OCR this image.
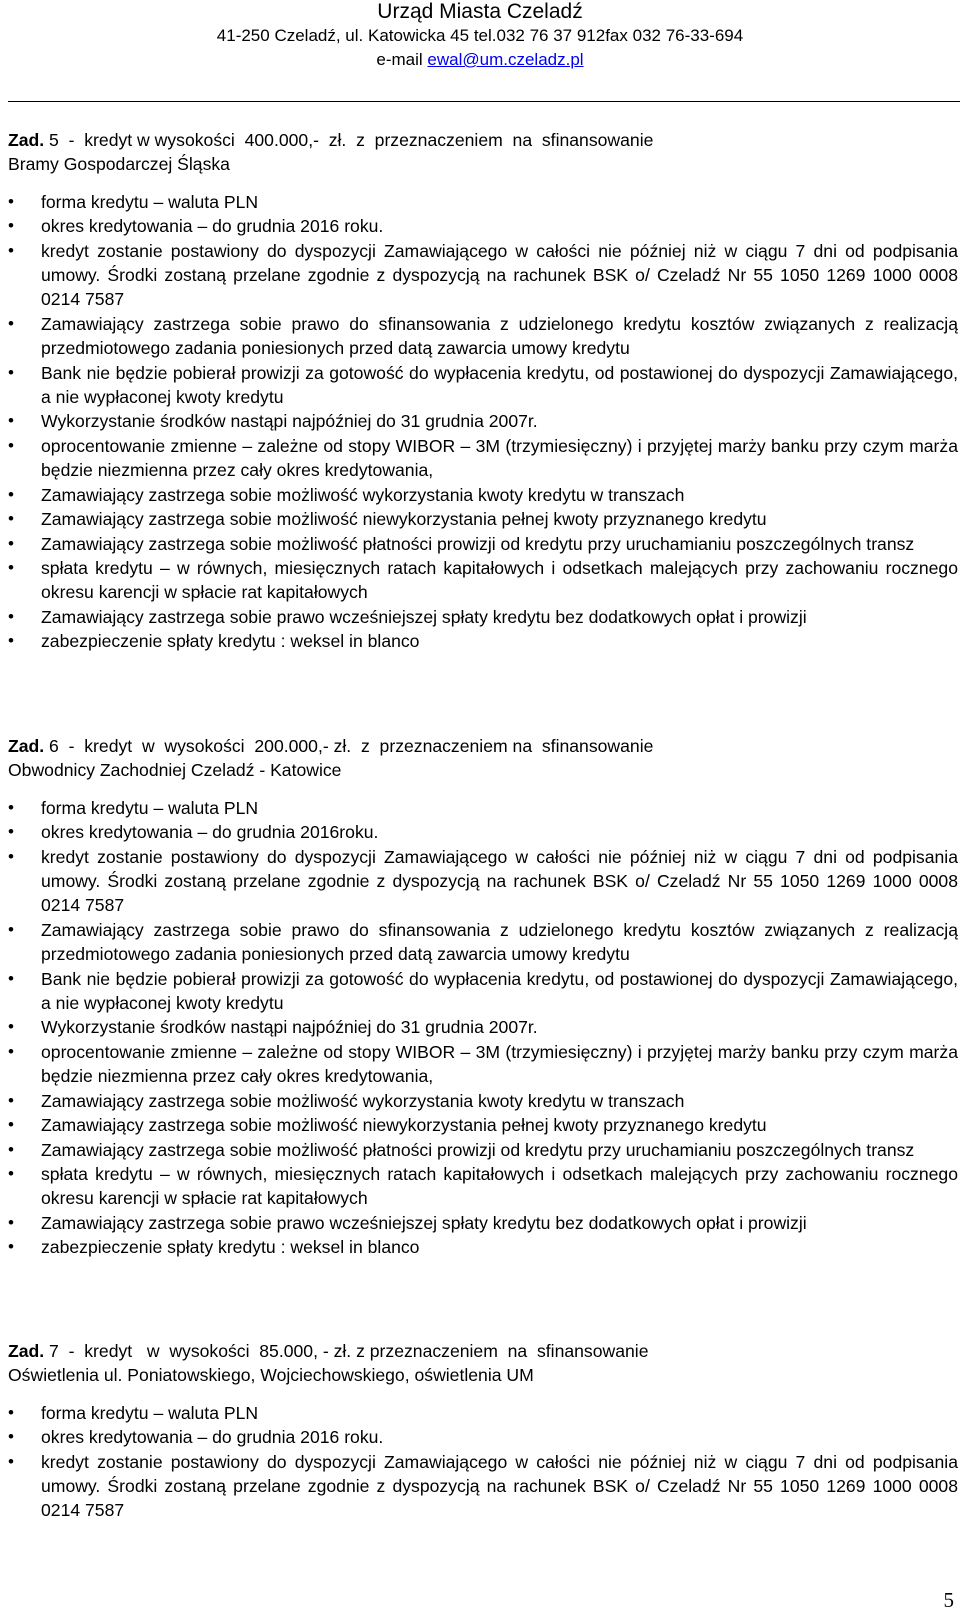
Urząd Miasta Czeladź
41-250 Czeladź, ul. Katowicka 45 tel.032 76 37 912fax 032 76-33-694
e-mail ewal@um.czeladz.pl

Zad. 5  -  kredyt w wysokości  400.000,-  zł.  z  przeznaczeniem  na  sfinansowanie
Bramy Gospodarczej Śląska

• forma kredytu – waluta PLN
• okres kredytowania – do grudnia 2016 roku.
• kredyt zostanie postawiony do dyspozycji Zamawiającego w całości nie później niż w ciągu 7 dni od podpisania umowy. Środki zostaną przelane zgodnie z dyspozycją na rachunek BSK o/ Czeladź Nr 55 1050 1269 1000 0008 0214 7587
• Zamawiający zastrzega sobie prawo do sfinansowania z udzielonego kredytu kosztów związanych z realizacją przedmiotowego zadania poniesionych przed datą zawarcia umowy kredytu
• Bank nie będzie pobierał prowizji za gotowość do wypłacenia kredytu, od postawionej do dyspozycji Zamawiającego, a nie wypłaconej kwoty kredytu
• Wykorzystanie środków nastąpi najpóźniej do 31 grudnia 2007r.
• oprocentowanie zmienne – zależne od stopy WIBOR – 3M (trzymiesięczny) i przyjętej marży banku przy czym marża będzie niezmienna przez cały okres kredytowania,
• Zamawiający zastrzega sobie możliwość wykorzystania kwoty kredytu w transzach
• Zamawiający zastrzega sobie możliwość niewykorzystania pełnej kwoty przyznanego kredytu
• Zamawiający zastrzega sobie możliwość płatności prowizji od kredytu przy uruchamianiu poszczególnych transz
• spłata kredytu – w równych, miesięcznych ratach kapitałowych i odsetkach malejących przy zachowaniu rocznego okresu karencji w spłacie rat kapitałowych
• Zamawiający zastrzega sobie prawo wcześniejszej spłaty kredytu bez dodatkowych opłat i prowizji
• zabezpieczenie spłaty kredytu : weksel in blanco

Zad. 6  -  kredyt  w  wysokości  200.000,- zł.  z  przeznaczeniem na  sfinansowanie
Obwodnicy Zachodniej Czeladź - Katowice

• forma kredytu – waluta PLN
• okres kredytowania – do grudnia 2016roku.
• kredyt zostanie postawiony do dyspozycji Zamawiającego w całości nie później niż w ciągu 7 dni od podpisania umowy. Środki zostaną przelane zgodnie z dyspozycją na rachunek BSK o/ Czeladź Nr 55 1050 1269 1000 0008 0214 7587
• Zamawiający zastrzega sobie prawo do sfinansowania z udzielonego kredytu kosztów związanych z realizacją przedmiotowego zadania poniesionych przed datą zawarcia umowy kredytu
• Bank nie będzie pobierał prowizji za gotowość do wypłacenia kredytu, od postawionej do dyspozycji Zamawiającego, a nie wypłaconej kwoty kredytu
• Wykorzystanie środków nastąpi najpóźniej do 31 grudnia 2007r.
• oprocentowanie zmienne – zależne od stopy WIBOR – 3M (trzymiesięczny) i przyjętej marży banku przy czym marża będzie niezmienna przez cały okres kredytowania,
• Zamawiający zastrzega sobie możliwość wykorzystania kwoty kredytu w transzach
• Zamawiający zastrzega sobie możliwość niewykorzystania pełnej kwoty przyznanego kredytu
• Zamawiający zastrzega sobie możliwość płatności prowizji od kredytu przy uruchamianiu poszczególnych transz
• spłata kredytu – w równych, miesięcznych ratach kapitałowych i odsetkach malejących przy zachowaniu rocznego okresu karencji w spłacie rat kapitałowych
• Zamawiający zastrzega sobie prawo wcześniejszej spłaty kredytu bez dodatkowych opłat i prowizji
• zabezpieczenie spłaty kredytu : weksel in blanco

Zad. 7  -  kredyt   w  wysokości  85.000, - zł. z przeznaczeniem  na  sfinansowanie
Oświetlenia ul. Poniatowskiego, Wojciechowskiego, oświetlenia UM

• forma kredytu – waluta PLN
• okres kredytowania – do grudnia 2016 roku.
• kredyt zostanie postawiony do dyspozycji Zamawiającego w całości nie później niż w ciągu 7 dni od podpisania umowy. Środki zostaną przelane zgodnie z dyspozycją na rachunek BSK o/ Czeladź Nr 55 1050 1269 1000 0008 0214 7587
5
